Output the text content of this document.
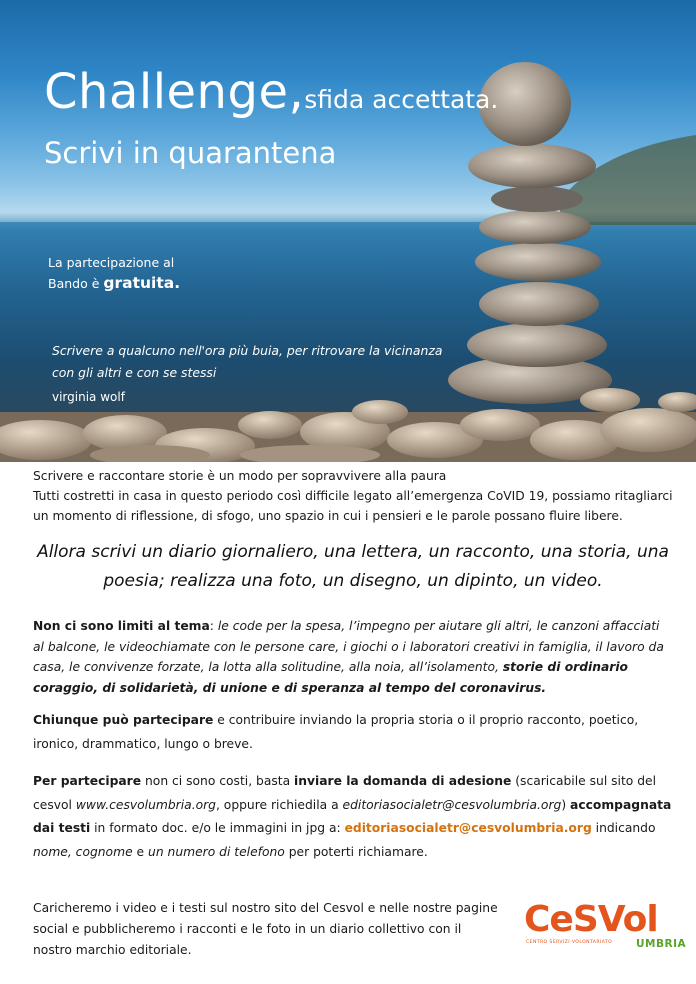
Challenge,sfida accettata.
Scrivi in quarantena
La partecipazione al
Bando è gratuita.
Scrivere a qualcuno nell'ora più buia, per ritrovare la vicinanza con gli altri e con se stessi
virginia wolf
Scrivere e raccontare storie è un modo per sopravvivere alla paura
Tutti costretti in casa in questo periodo così difficile legato all’emergenza CoVID 19, possiamo ritagliarci un momento di riflessione, di sfogo, uno spazio in cui i pensieri e le parole possano fluire libere.
Allora scrivi un diario giornaliero, una lettera, un racconto, una storia, una poesia; realizza una foto, un disegno, un dipinto, un video.
Non ci sono limiti al tema: le code per la spesa, l’impegno per aiutare gli altri, le canzoni affacciati al balcone, le videochiamate con le persone care, i giochi o i laboratori creativi in famiglia, il lavoro da casa, le convivenze forzate, la lotta alla solitudine, alla noia, all’isolamento, storie di ordinario coraggio, di solidarietà, di unione e di speranza al tempo del coronavirus.
Chiunque può partecipare e contribuire inviando la propria storia o il proprio racconto, poetico, ironico, drammatico, lungo o breve.
Per partecipare non ci sono costi, basta inviare la domanda di adesione (scaricabile sul sito del cesvol www.cesvolumbria.org, oppure richiedila a editoriasocialetr@cesvolumbria.org) accompagnata dai testi in formato doc. e/o le immagini in jpg a: editoriasocialetr@cesvolumbria.org indicando nome, cognome e un numero di telefono per poterti richiamare.
Caricheremo i video e i testi sul nostro sito del Cesvol e nelle nostre pagine social e pubblicheremo i racconti e le foto in un diario collettivo con il nostro marchio editoriale.
CeSVol
CENTRO SERVIZI VOLONTARIATO UMBRIA
